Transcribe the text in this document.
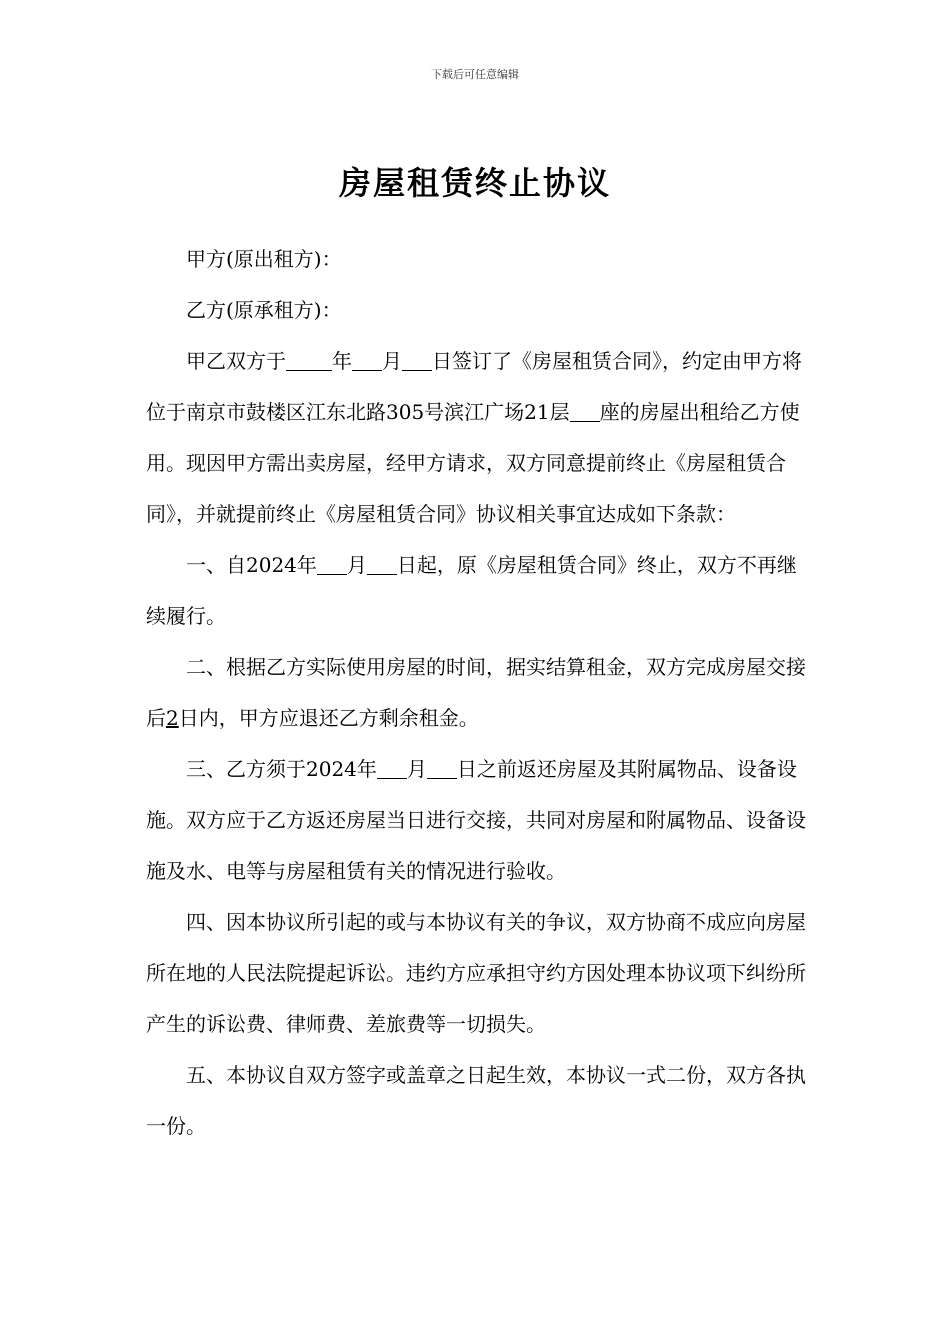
下载后可任意编辑
房屋租赁终止协议

甲方(原出租方)：

乙方(原承租方)：

甲乙双方于 年 月 日签订了《房屋租赁合同》，约定由甲方将位于南京市鼓楼区江东北路305号滨江广场21层 座的房屋出租给乙方使用。现因甲方需出卖房屋，经甲方请求，双方同意提前终止《房屋租赁合同》，并就提前终止《房屋租赁合同》协议相关事宜达成如下条款：

一、自2024年 月 日起，原《房屋租赁合同》终止，双方不再继续履行。

二、根据乙方实际使用房屋的时间，据实结算租金，双方完成房屋交接后2日内，甲方应退还乙方剩余租金。

三、乙方须于2024年 月 日之前返还房屋及其附属物品、设备设施。双方应于乙方返还房屋当日进行交接，共同对房屋和附属物品、设备设施及水、电等与房屋租赁有关的情况进行验收。

四、因本协议所引起的或与本协议有关的争议，双方协商不成应向房屋所在地的人民法院提起诉讼。违约方应承担守约方因处理本协议项下纠纷所产生的诉讼费、律师费、差旅费等一切损失。

五、本协议自双方签字或盖章之日起生效，本协议一式二份，双方各执一份。
